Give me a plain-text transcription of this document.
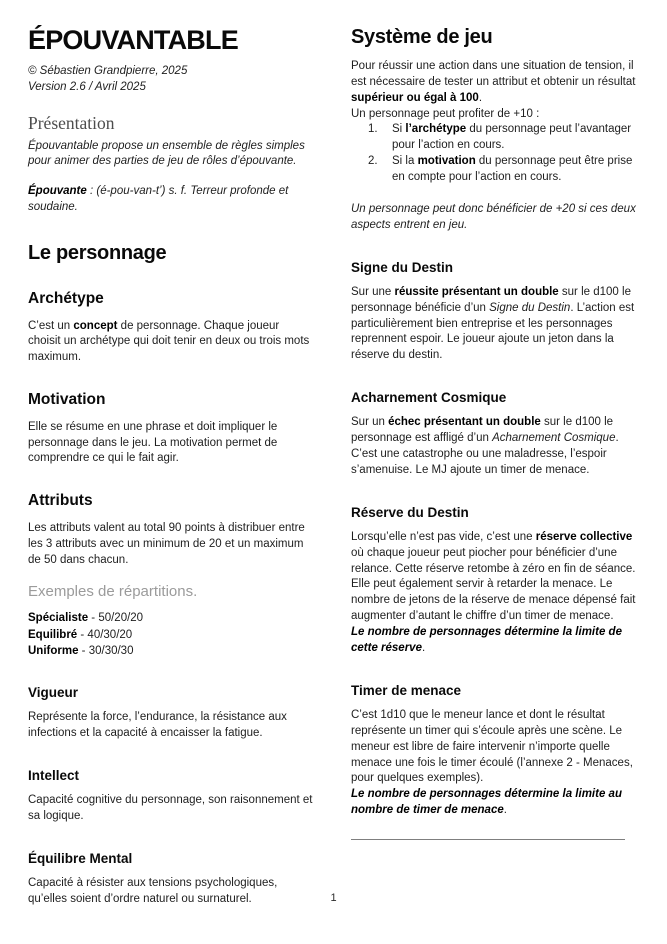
ÉPOUVANTABLE
© Sébastien Grandpierre, 2025
Version 2.6 / Avril 2025
Présentation

Épouvantable propose un ensemble de règles simples pour animer des parties de jeu de rôles d’épouvante.

Épouvante : (é-pou-van-t’) s. f. Terreur profonde et soudaine.

Le personnage
Archétype

C’est un concept de personnage. Chaque joueur choisit un archétype qui doit tenir en deux ou trois mots maximum.

Motivation

Elle se résume en une phrase et doit impliquer le personnage dans le jeu. La motivation permet de comprendre ce qui le fait agir.

Attributs

Les attributs valent au total 90 points à distribuer entre les 3 attributs avec un minimum de 20 et un maximum de 50 dans chacun.

Exemples de répartitions.
Spécialiste - 50/20/20
Equilibré - 40/30/20
Uniforme - 30/30/30
Vigueur

Représente la force, l’endurance, la résistance aux infections et la capacité à encaisser la fatigue.

Intellect

Capacité cognitive du personnage, son raisonnement et sa logique.

Équilibre Mental

Capacité à résister aux tensions psychologiques, qu’elles soient d’ordre naturel ou surnaturel.

Système de jeu

Pour réussir une action dans une situation de tension, il est nécessaire de tester un attribut et obtenir un résultat supérieur ou égal à 100.

Un personnage peut profiter de +10 :

1.	Si l’archétype du personnage peut l’avantager pour l’action en cours.
2.	Si la motivation du personnage peut être prise en compte pour l’action en cours.

Un personnage peut donc bénéficier de +20 si ces deux aspects entrent en jeu.

Signe du Destin

Sur une réussite présentant un double sur le d100 le personnage bénéficie d’un Signe du Destin. L’action est particulièrement bien entreprise et les personnages reprennent espoir. Le joueur ajoute un jeton dans la réserve du destin.

Acharnement Cosmique

Sur un échec présentant un double sur le d100 le personnage est affligé d’un Acharnement Cosmique. C’est une catastrophe ou une maladresse, l’espoir s’amenuise. Le MJ ajoute un timer de menace.

Réserve du Destin

Lorsqu’elle n’est pas vide, c’est une réserve collective où chaque joueur peut piocher pour bénéficier d’une relance. Cette réserve retombe à zéro en fin de séance.

Elle peut également servir à retarder la menace. Le nombre de jetons de la réserve de menace dépensé fait augmenter d’autant le chiffre d’un timer de menace.

Le nombre de personnages détermine la limite de cette réserve.

Timer de menace

C’est 1d10 que le meneur lance et dont le résultat représente un timer qui s’écoule après une scène. Le meneur est libre de faire intervenir n’importe quelle menace une fois le timer écoulé (l’annexe 2 - Menaces, pour quelques exemples).

Le nombre de personnages détermine la limite au nombre de timer de menace.

1
